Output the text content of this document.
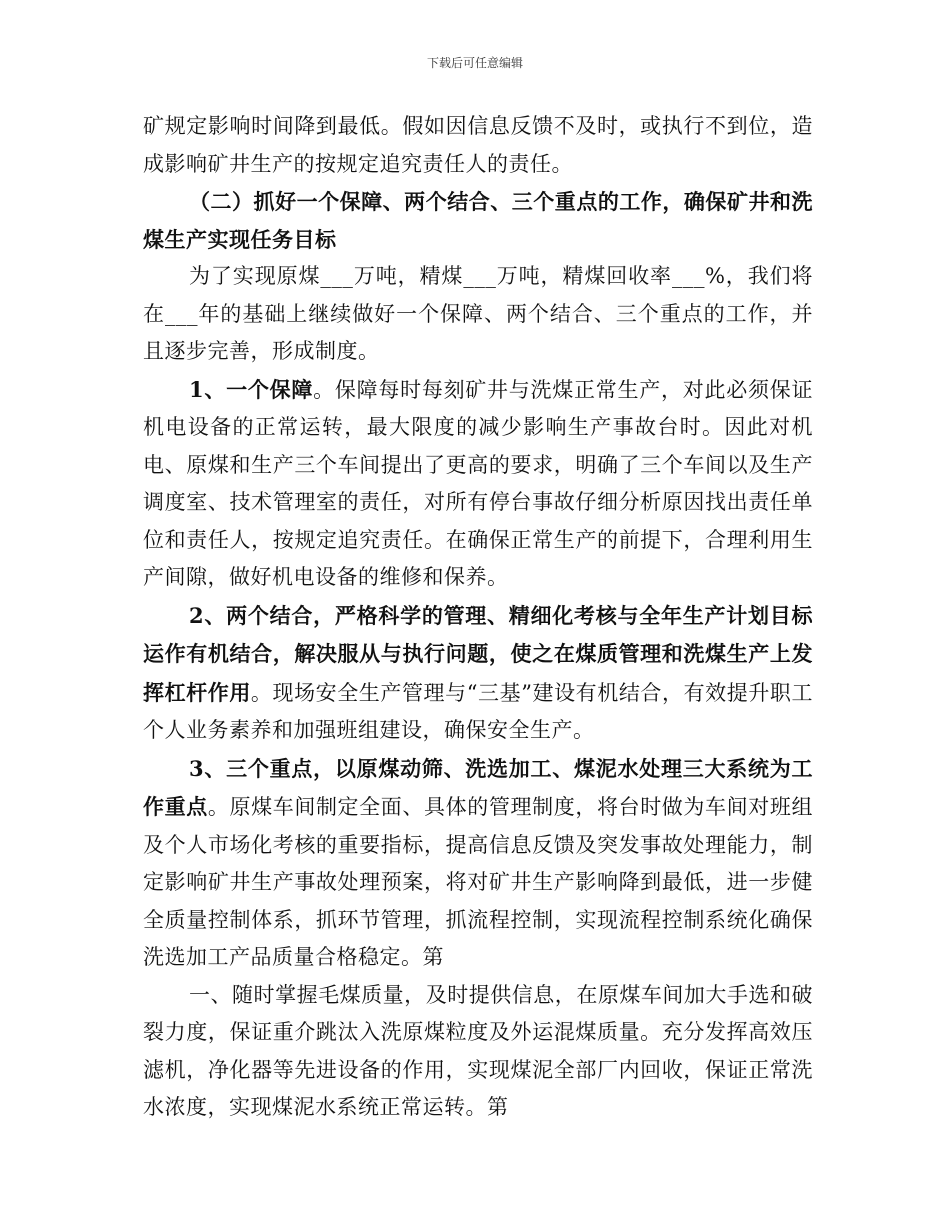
下载后可任意编辑

矿规定影响时间降到最低。假如因信息反馈不及时，或执行不到位，造成影响矿井生产的按规定追究责任人的责任。

（二）抓好一个保障、两个结合、三个重点的工作，确保矿井和洗煤生产实现任务目标

为了实现原煤___万吨，精煤___万吨，精煤回收率___%，我们将在___年的基础上继续做好一个保障、两个结合、三个重点的工作，并且逐步完善，形成制度。

1、一个保障。保障每时每刻矿井与洗煤正常生产，对此必须保证机电设备的正常运转，最大限度的减少影响生产事故台时。因此对机电、原煤和生产三个车间提出了更高的要求，明确了三个车间以及生产调度室、技术管理室的责任，对所有停台事故仔细分析原因找出责任单位和责任人，按规定追究责任。在确保正常生产的前提下，合理利用生产间隙，做好机电设备的维修和保养。

2、两个结合，严格科学的管理、精细化考核与全年生产计划目标运作有机结合，解决服从与执行问题，使之在煤质管理和洗煤生产上发挥杠杆作用。现场安全生产管理与“三基”建设有机结合，有效提升职工个人业务素养和加强班组建设，确保安全生产。

3、三个重点，以原煤动筛、洗选加工、煤泥水处理三大系统为工作重点。原煤车间制定全面、具体的管理制度，将台时做为车间对班组及个人市场化考核的重要指标，提高信息反馈及突发事故处理能力，制定影响矿井生产事故处理预案，将对矿井生产影响降到最低，进一步健全质量控制体系，抓环节管理，抓流程控制，实现流程控制系统化确保洗选加工产品质量合格稳定。第

一、随时掌握毛煤质量，及时提供信息，在原煤车间加大手选和破裂力度，保证重介跳汰入洗原煤粒度及外运混煤质量。充分发挥高效压滤机，净化器等先进设备的作用，实现煤泥全部厂内回收，保证正常洗水浓度，实现煤泥水系统正常运转。第
